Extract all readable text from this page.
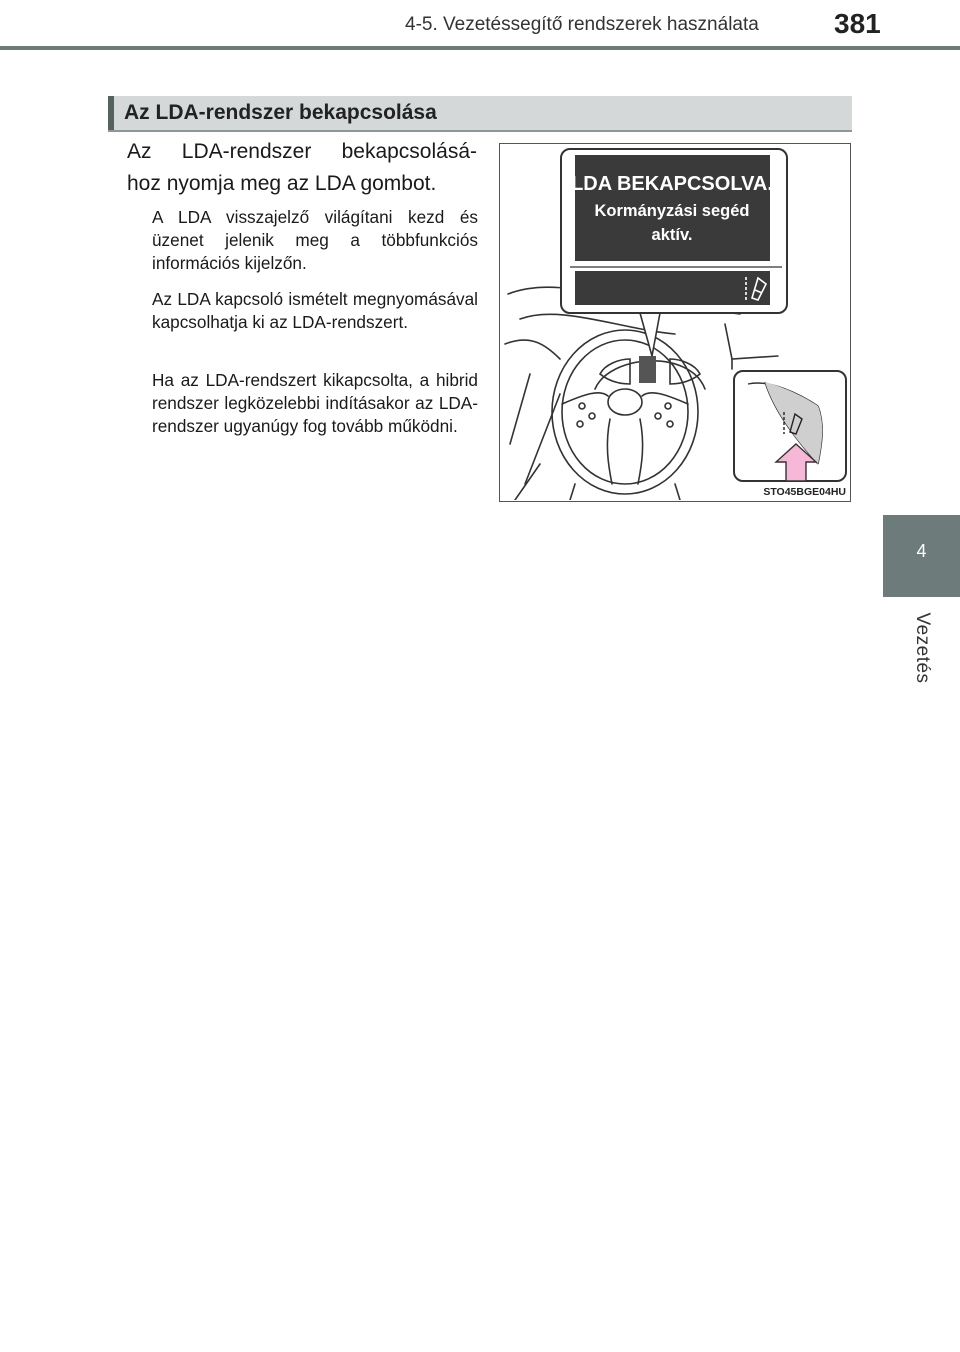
4-5. Vezetéssegítő rendszerek használata	381
4
Vezetés
Az LDA-rendszer bekapcsolása
Az LDA-rendszer bekapcsolásá-
hoz nyomja meg az LDA gombot.
A LDA visszajelző világítani kezd és üzenet jelenik meg a többfunkciós információs kijelzőn.
Az LDA kapcsoló ismételt megnyomásával kapcsolhatja ki az LDA-rendszert.
Ha az LDA-rendszert kikapcsolta, a hibrid rendszer legközelebbi indításakor az LDA-rendszer ugyanúgy fog tovább működni.
LDA BEKAPCSOLVA.
Kormányzási segéd
aktív.
STO45BGE04HU
